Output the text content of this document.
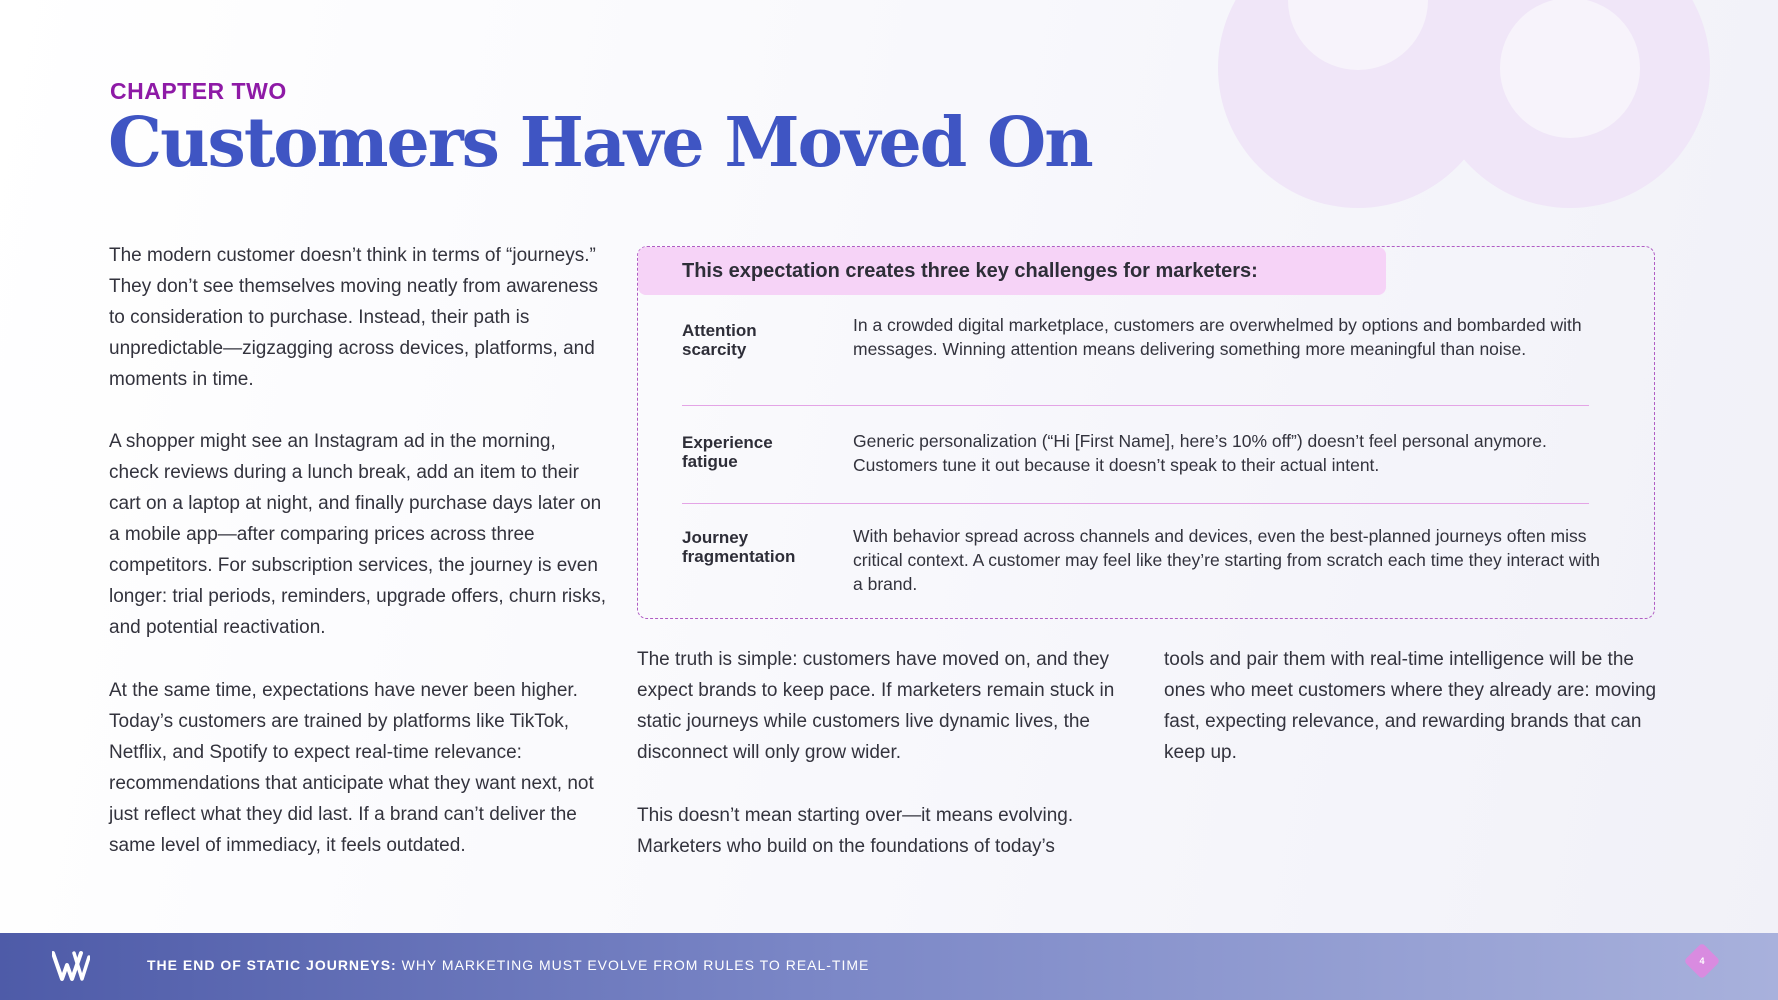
CHAPTER TWO
Customers Have Moved On

The modern customer doesn’t think in terms of “journeys.” They don’t see themselves moving neatly from awareness to consideration to purchase. Instead, their path is unpredictable—zigzagging across devices, platforms, and moments in time.

A shopper might see an Instagram ad in the morning, check reviews during a lunch break, add an item to their cart on a laptop at night, and finally purchase days later on a mobile app—after comparing prices across three competitors. For subscription services, the journey is even longer: trial periods, reminders, upgrade offers, churn risks, and potential reactivation.

At the same time, expectations have never been higher. Today’s customers are trained by platforms like TikTok, Netflix, and Spotify to expect real-time relevance: recommendations that anticipate what they want next, not just reflect what they did last. If a brand can’t deliver the same level of immediacy, it feels outdated.

This expectation creates three key challenges for marketers:
Attention
scarcity

In a crowded digital marketplace, customers are overwhelmed by options and bombarded with messages. Winning attention means delivering something more meaningful than noise.

Experience
fatigue

Generic personalization (“Hi [First Name], here’s 10% off”) doesn’t feel personal anymore. Customers tune it out because it doesn’t speak to their actual intent.

Journey
fragmentation

With behavior spread across channels and devices, even the best-planned journeys often miss critical context. A customer may feel like they’re starting from scratch each time they interact with a brand.

The truth is simple: customers have moved on, and they expect brands to keep pace. If marketers remain stuck in static journeys while customers live dynamic lives, the disconnect will only grow wider.

This doesn’t mean starting over—it means evolving. Marketers who build on the foundations of today’s

tools and pair them with real-time intelligence will be the ones who meet customers where they already are: moving fast, expecting relevance, and rewarding brands that can keep up.

THE END OF STATIC JOURNEYS: WHY MARKETING MUST EVOLVE FROM RULES TO REAL-TIME	4
